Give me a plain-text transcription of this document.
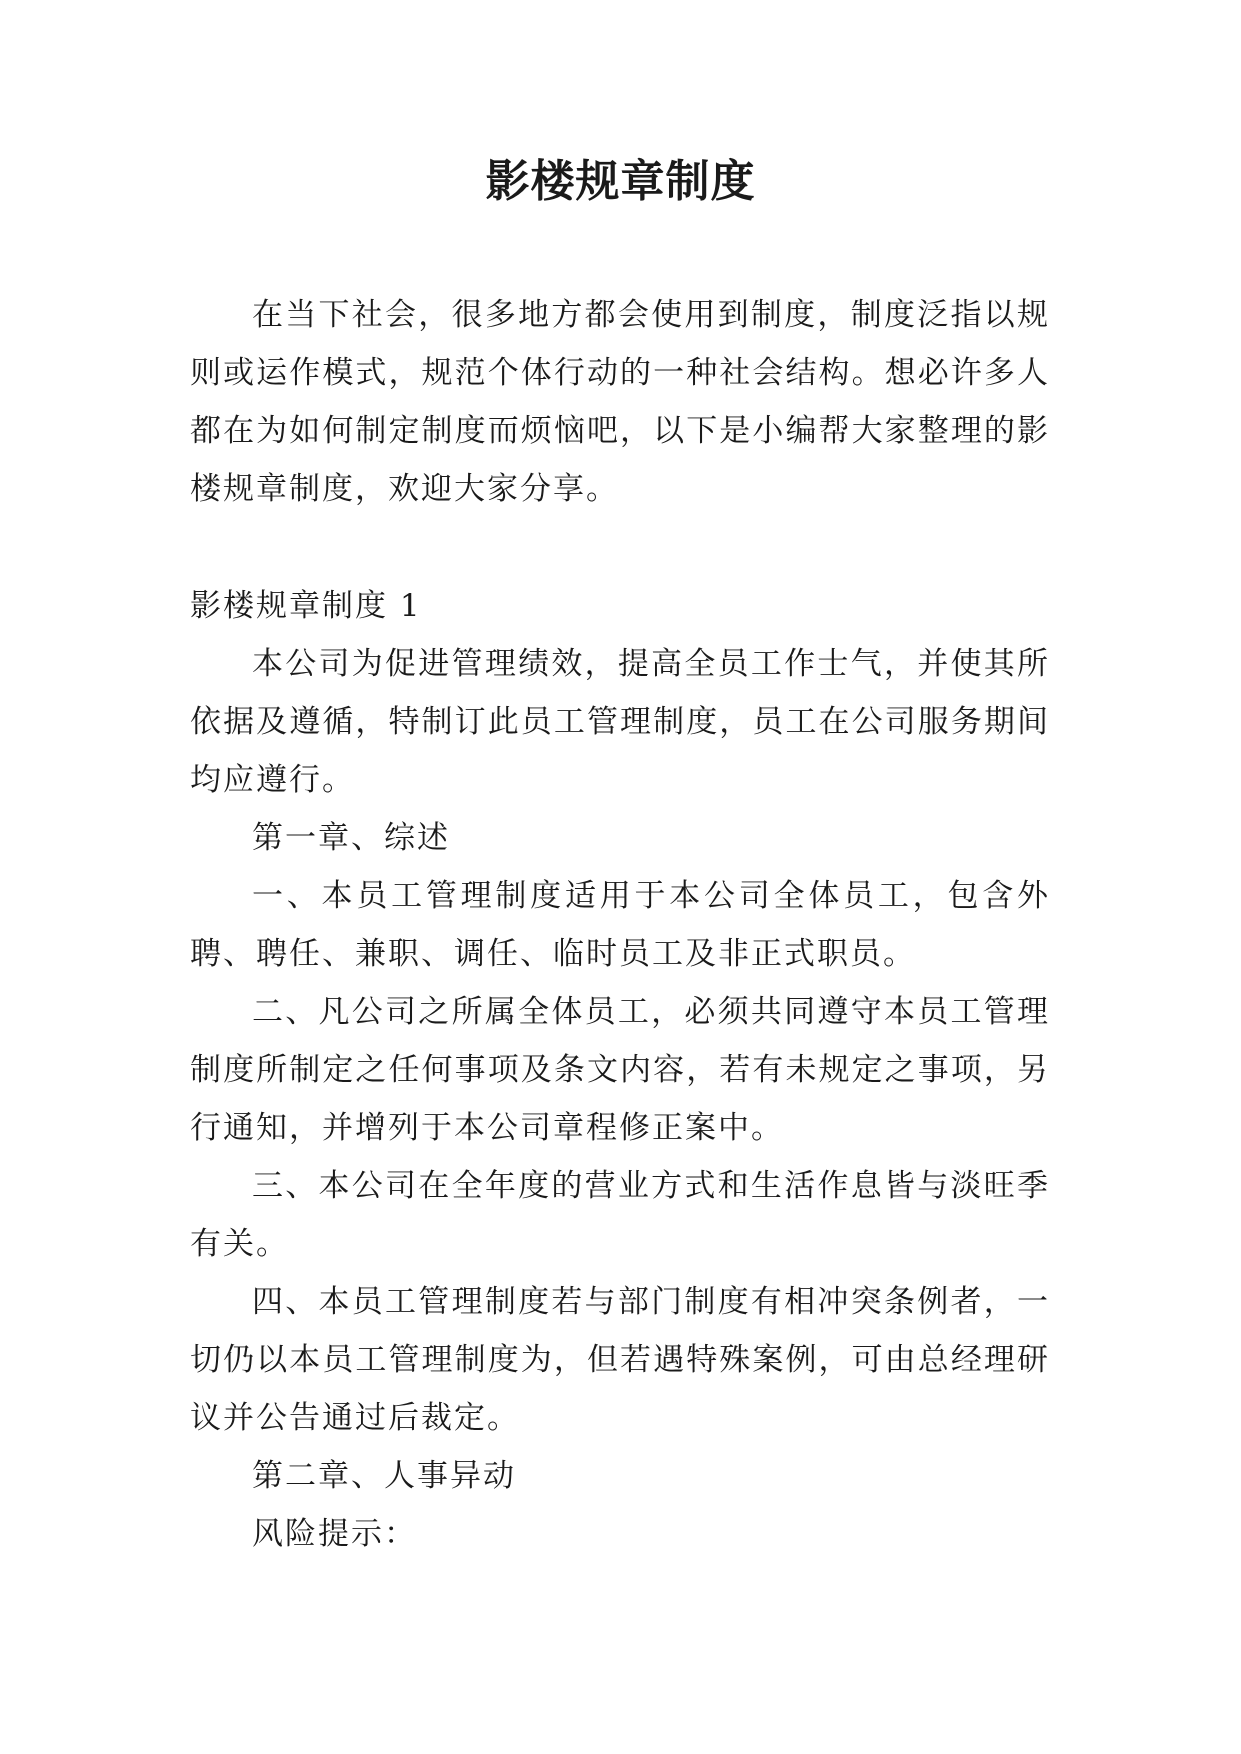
影楼规章制度

在当下社会，很多地方都会使用到制度，制度泛指以规则或运作模式，规范个体行动的一种社会结构。想必许多人都在为如何制定制度而烦恼吧，以下是小编帮大家整理的影楼规章制度，欢迎大家分享。

影楼规章制度 1

本公司为促进管理绩效，提高全员工作士气，并使其所依据及遵循，特制订此员工管理制度，员工在公司服务期间均应遵行。

第一章、综述

一、本员工管理制度适用于本公司全体员工，包含外聘、聘任、兼职、调任、临时员工及非正式职员。

二、凡公司之所属全体员工，必须共同遵守本员工管理制度所制定之任何事项及条文内容，若有未规定之事项，另行通知，并增列于本公司章程修正案中。

三、本公司在全年度的营业方式和生活作息皆与淡旺季有关。

四、本员工管理制度若与部门制度有相冲突条例者，一切仍以本员工管理制度为，但若遇特殊案例，可由总经理研议并公告通过后裁定。

第二章、人事异动

风险提示：
